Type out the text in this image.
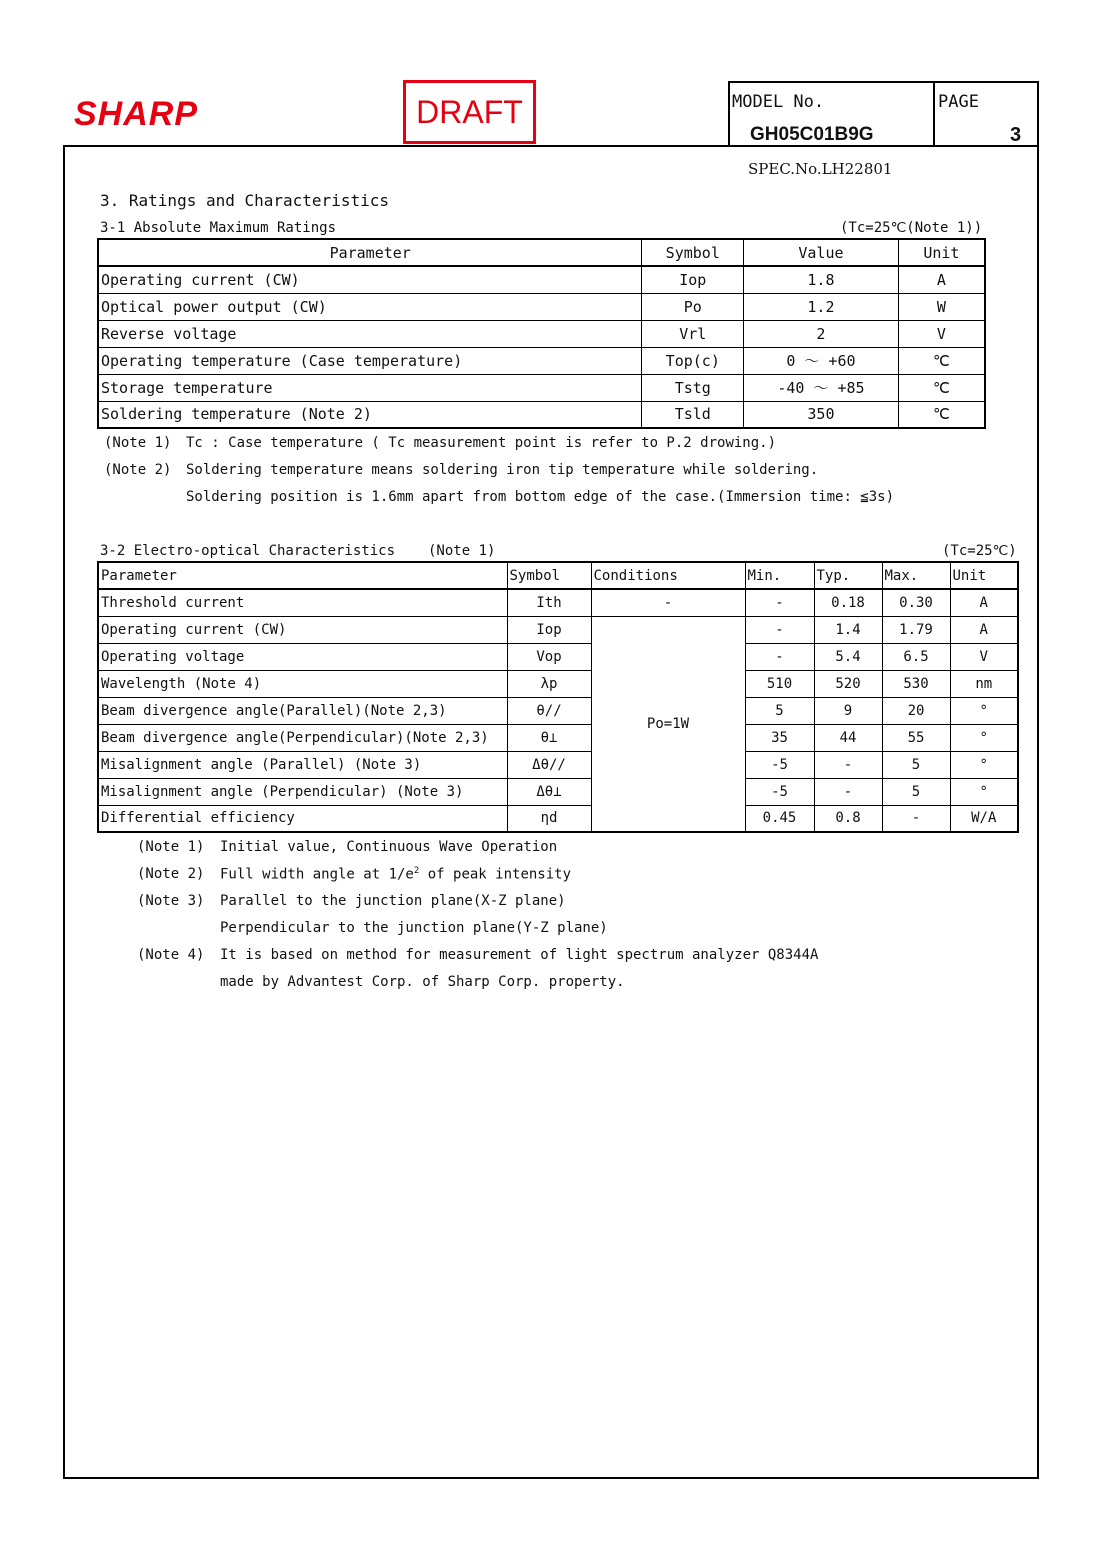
SHARP	DRAFT	MODEL No.
GH05C01B9G
PAGE
3
SPEC.No.LH22801
3. Ratings and Characteristics
3-1 Absolute Maximum Ratings	(Tc=25℃(Note 1))
Parameter	Symbol	Value	Unit
Operating current (CW)	Iop	1.8	A
Optical power output (CW)	Po	1.2	W
Reverse voltage	Vrl	2	V
Operating temperature (Case temperature)	Top(c)	0 ～ +60	℃
Storage temperature	Tstg	-40 ～ +85	℃
Soldering temperature (Note 2)	Tsld	350	℃
(Note 1) Tc : Case temperature ( Tc measurement point is refer to P.2 drowing.)
(Note 2) Soldering temperature means soldering iron tip temperature while soldering.
Soldering position is 1.6mm apart from bottom edge of the case.(Immersion time: ≦3s)
3-2 Electro-optical Characteristics (Note 1)	(Tc=25℃)
Parameter	Symbol	Conditions	Min.	Typ.	Max.	Unit
Threshold current	Ith	-	-	0.18	0.30	A
Operating current (CW)	Iop	Po=1W	-	1.4	1.79	A
Operating voltage	Vop		-	5.4	6.5	V
Wavelength (Note 4)	λp		510	520	530	nm
Beam divergence angle(Parallel)(Note 2,3)	θ//		5	9	20	°
Beam divergence angle(Perpendicular)(Note 2,3)	θ⊥		35	44	55	°
Misalignment angle (Parallel) (Note 3)	Δθ//		-5	-	5	°
Misalignment angle (Perpendicular) (Note 3)	Δθ⊥		-5	-	5	°
Differential efficiency	ηd		0.45	0.8	-	W/A
(Note 1) Initial value, Continuous Wave Operation
(Note 2) Full width angle at $1/e^2$ of peak intensity
(Note 3) Parallel to the junction plane(X-Z plane)
Perpendicular to the junction plane(Y-Z plane)
(Note 4) It is based on method for measurement of light spectrum analyzer Q8344A
made by Advantest Corp. of Sharp Corp. property.
